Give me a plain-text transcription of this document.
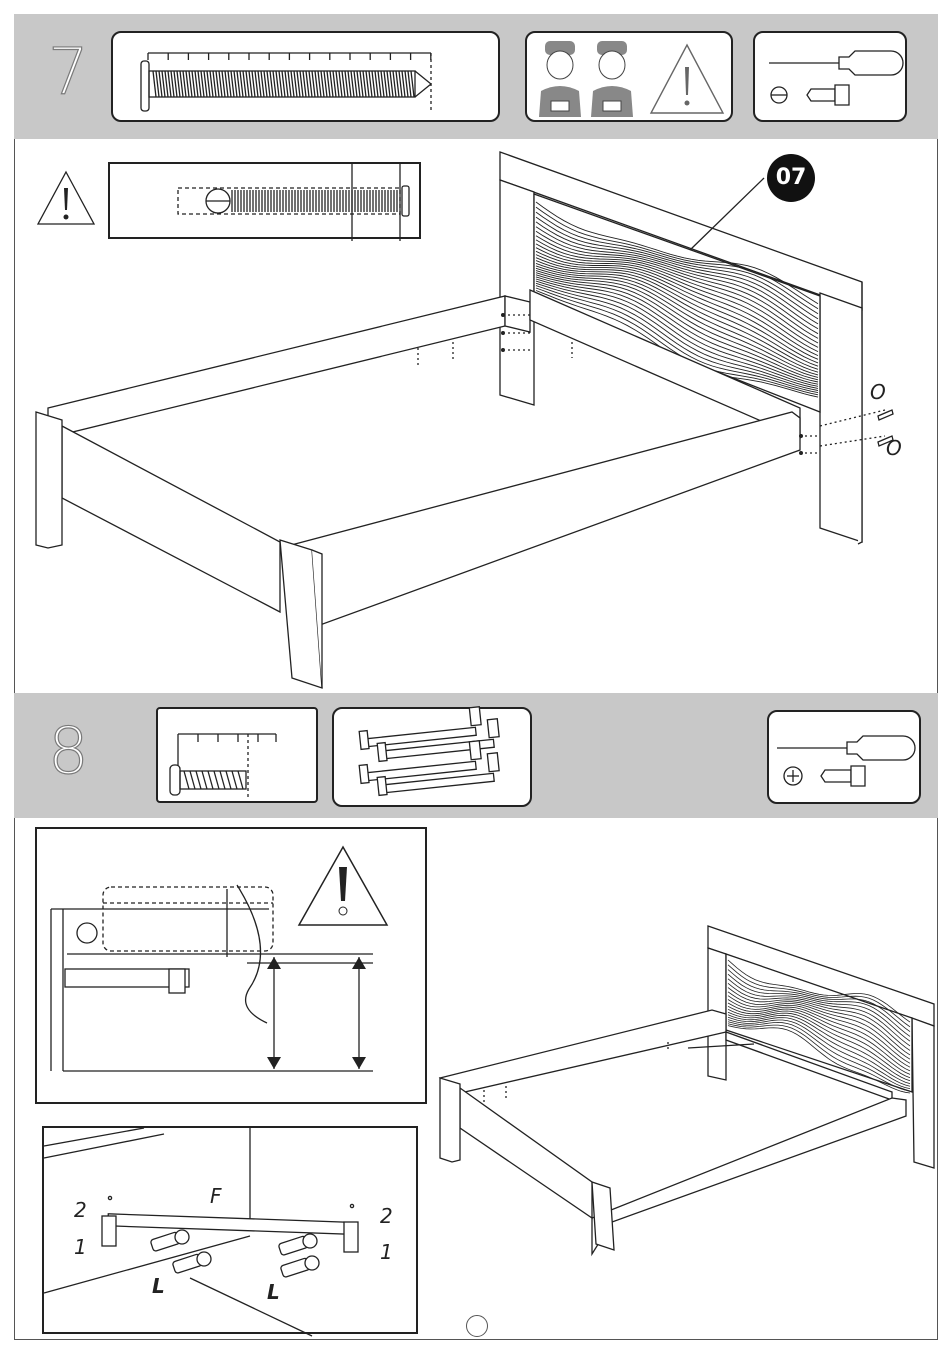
7
07
O
O
8
F
2
1
2
1
L	L
